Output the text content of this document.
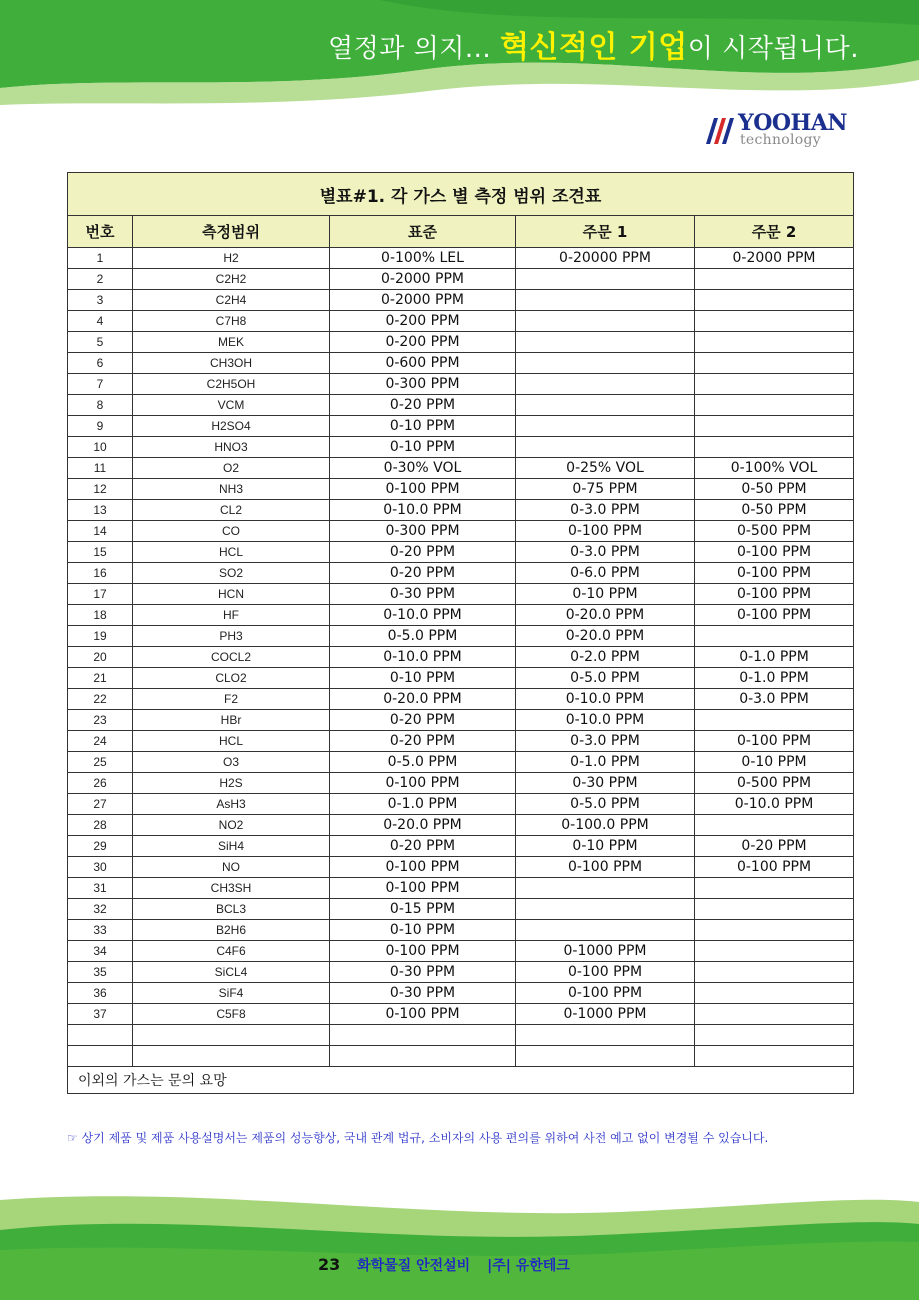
열정과 의지... 혁신적인 기업이 시작됩니다.
YOOHAN
technology
별표#1. 각 가스 별 측정 범위 조견표				
번호	측정범위	표준	주문 1	주문 2
1	H2	0-100% LEL	0-20000 PPM	0-2000 PPM
2	C2H2	0-2000 PPM		
3	C2H4	0-2000 PPM		
4	C7H8	0-200 PPM		
5	MEK	0-200 PPM		
6	CH3OH	0-600 PPM		
7	C2H5OH	0-300 PPM		
8	VCM	0-20 PPM		
9	H2SO4	0-10 PPM		
10	HNO3	0-10 PPM		
11	O2	0-30% VOL	0-25% VOL	0-100% VOL
12	NH3	0-100 PPM	0-75 PPM	0-50 PPM
13	CL2	0-10.0 PPM	0-3.0 PPM	0-50 PPM
14	CO	0-300 PPM	0-100 PPM	0-500 PPM
15	HCL	0-20 PPM	0-3.0 PPM	0-100 PPM
16	SO2	0-20 PPM	0-6.0 PPM	0-100 PPM
17	HCN	0-30 PPM	0-10 PPM	0-100 PPM
18	HF	0-10.0 PPM	0-20.0 PPM	0-100 PPM
19	PH3	0-5.0 PPM	0-20.0 PPM	
20	COCL2	0-10.0 PPM	0-2.0 PPM	0-1.0 PPM
21	CLO2	0-10 PPM	0-5.0 PPM	0-1.0 PPM
22	F2	0-20.0 PPM	0-10.0 PPM	0-3.0 PPM
23	HBr	0-20 PPM	0-10.0 PPM	
24	HCL	0-20 PPM	0-3.0 PPM	0-100 PPM
25	O3	0-5.0 PPM	0-1.0 PPM	0-10 PPM
26	H2S	0-100 PPM	0-30 PPM	0-500 PPM
27	AsH3	0-1.0 PPM	0-5.0 PPM	0-10.0 PPM
28	NO2	0-20.0 PPM	0-100.0 PPM	
29	SiH4	0-20 PPM	0-10 PPM	0-20 PPM
30	NO	0-100 PPM	0-100 PPM	0-100 PPM
31	CH3SH	0-100 PPM		
32	BCL3	0-15 PPM		
33	B2H6	0-10 PPM		
34	C4F6	0-100 PPM	0-1000 PPM	
35	SiCL4	0-30 PPM	0-100 PPM	
36	SiF4	0-30 PPM	0-100 PPM	
37	C5F8	0-100 PPM	0-1000 PPM	

이외의 가스는 문의 요망				
☞ 상기 제품 및 제품 사용설명서는 제품의 성능향상, 국내 관계 법규, 소비자의 사용 편의를 위하여 사전 예고 없이 변경될 수 있습니다.
23 화학물질 안전설비 |주| 유한테크
